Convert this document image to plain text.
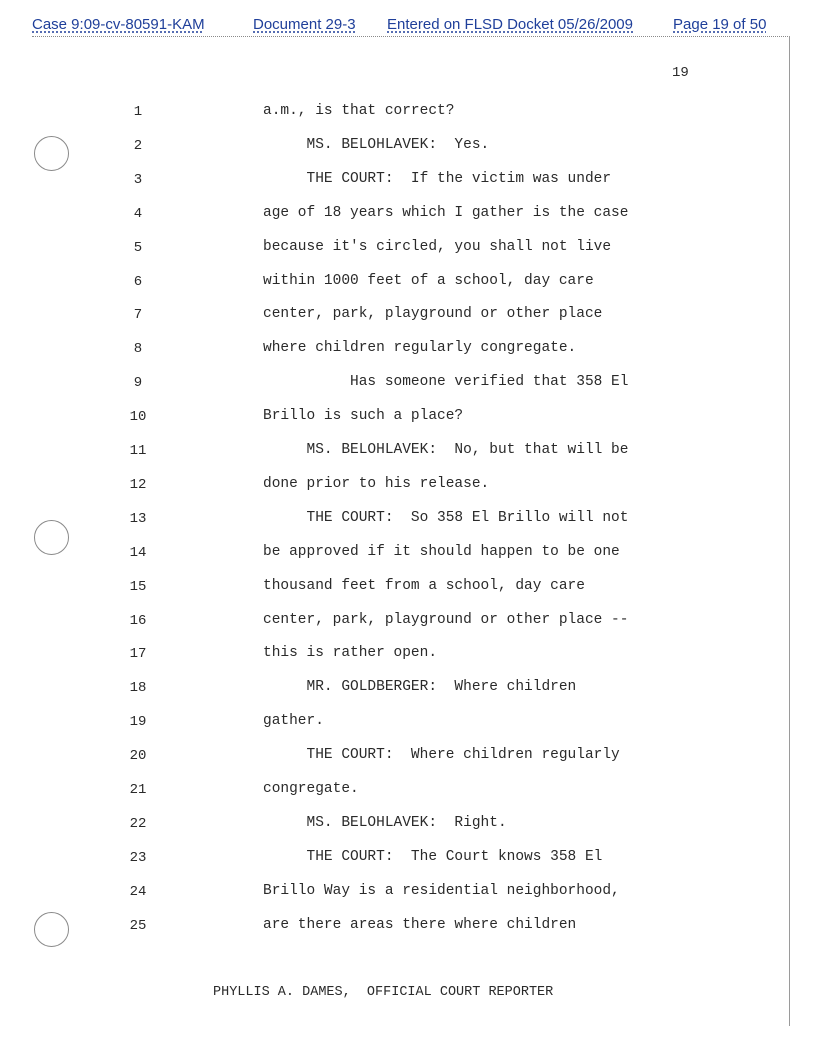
Case 9:09-cv-80591-KAM	Document 29-3 Entered on FLSD Docket 05/26/2009	Page 19 of 50
19
1	a.m., is that correct?
2	MS. BELOHLAVEK:  Yes.
3	THE COURT:  If the victim was under
4	age of 18 years which I gather is the case
5	because it's circled, you shall not live
6	within 1000 feet of a school, day care
7	center, park, playground or other place
8	where children regularly congregate.
9	Has someone verified that 358 El
10	Brillo is such a place?
11	MS. BELOHLAVEK:  No, but that will be
12	done prior to his release.
13	THE COURT:  So 358 El Brillo will not
14	be approved if it should happen to be one
15	thousand feet from a school, day care
16	center, park, playground or other place --
17	this is rather open.
18	MR. GOLDBERGER:  Where children
19	gather.
20	THE COURT:  Where children regularly
21	congregate.
22	MS. BELOHLAVEK:  Right.
23	THE COURT:  The Court knows 358 El
24	Brillo Way is a residential neighborhood,
25	are there areas there where children
PHYLLIS A. DAMES,  OFFICIAL COURT REPORTER
